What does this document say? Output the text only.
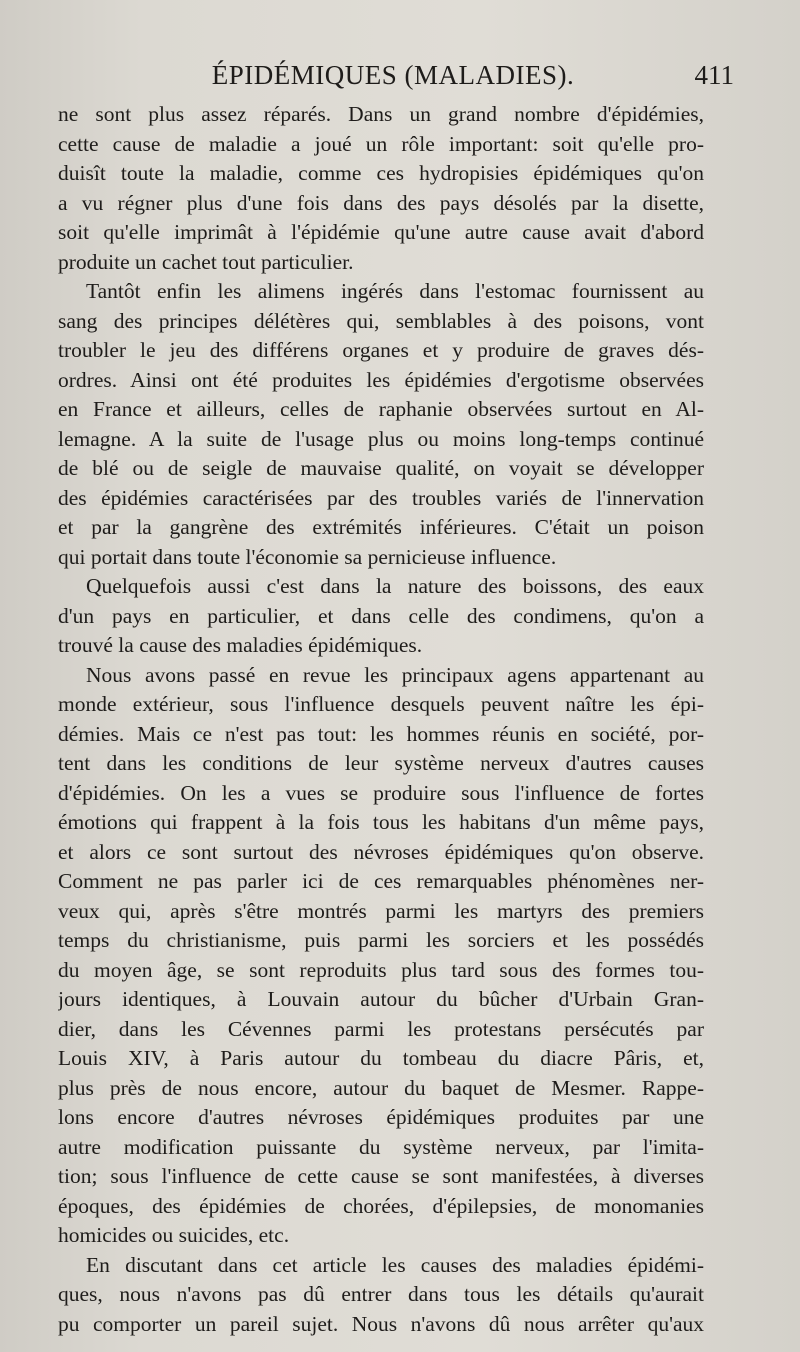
ÉPIDÉMIQUES (MALADIES).	411
ne sont plus assez réparés. Dans un grand nombre d'épidémies,
cette cause de maladie a joué un rôle important: soit qu'elle pro-
duisît toute la maladie, comme ces hydropisies épidémiques qu'on
a vu régner plus d'une fois dans des pays désolés par la disette,
soit qu'elle imprimât à l'épidémie qu'une autre cause avait d'abord
produite un cachet tout particulier.
Tantôt enfin les alimens ingérés dans l'estomac fournissent au
sang des principes délétères qui, semblables à des poisons, vont
troubler le jeu des différens organes et y produire de graves dés-
ordres. Ainsi ont été produites les épidémies d'ergotisme observées
en France et ailleurs, celles de raphanie observées surtout en Al-
lemagne. A la suite de l'usage plus ou moins long-temps continué
de blé ou de seigle de mauvaise qualité, on voyait se développer
des épidémies caractérisées par des troubles variés de l'innervation
et par la gangrène des extrémités inférieures. C'était un poison
qui portait dans toute l'économie sa pernicieuse influence.
Quelquefois aussi c'est dans la nature des boissons, des eaux
d'un pays en particulier, et dans celle des condimens, qu'on a
trouvé la cause des maladies épidémiques.
Nous avons passé en revue les principaux agens appartenant au
monde extérieur, sous l'influence desquels peuvent naître les épi-
démies. Mais ce n'est pas tout: les hommes réunis en société, por-
tent dans les conditions de leur système nerveux d'autres causes
d'épidémies. On les a vues se produire sous l'influence de fortes
émotions qui frappent à la fois tous les habitans d'un même pays,
et alors ce sont surtout des névroses épidémiques qu'on observe.
Comment ne pas parler ici de ces remarquables phénomènes ner-
veux qui, après s'être montrés parmi les martyrs des premiers
temps du christianisme, puis parmi les sorciers et les possédés
du moyen âge, se sont reproduits plus tard sous des formes tou-
jours identiques, à Louvain autour du bûcher d'Urbain Gran-
dier, dans les Cévennes parmi les protestans persécutés par
Louis XIV, à Paris autour du tombeau du diacre Pâris, et,
plus près de nous encore, autour du baquet de Mesmer. Rappe-
lons encore d'autres névroses épidémiques produites par une
autre modification puissante du système nerveux, par l'imita-
tion; sous l'influence de cette cause se sont manifestées, à diverses
époques, des épidémies de chorées, d'épilepsies, de monomanies
homicides ou suicides, etc.
En discutant dans cet article les causes des maladies épidémi-
ques, nous n'avons pas dû entrer dans tous les détails qu'aurait
pu comporter un pareil sujet. Nous n'avons dû nous arrêter qu'aux
